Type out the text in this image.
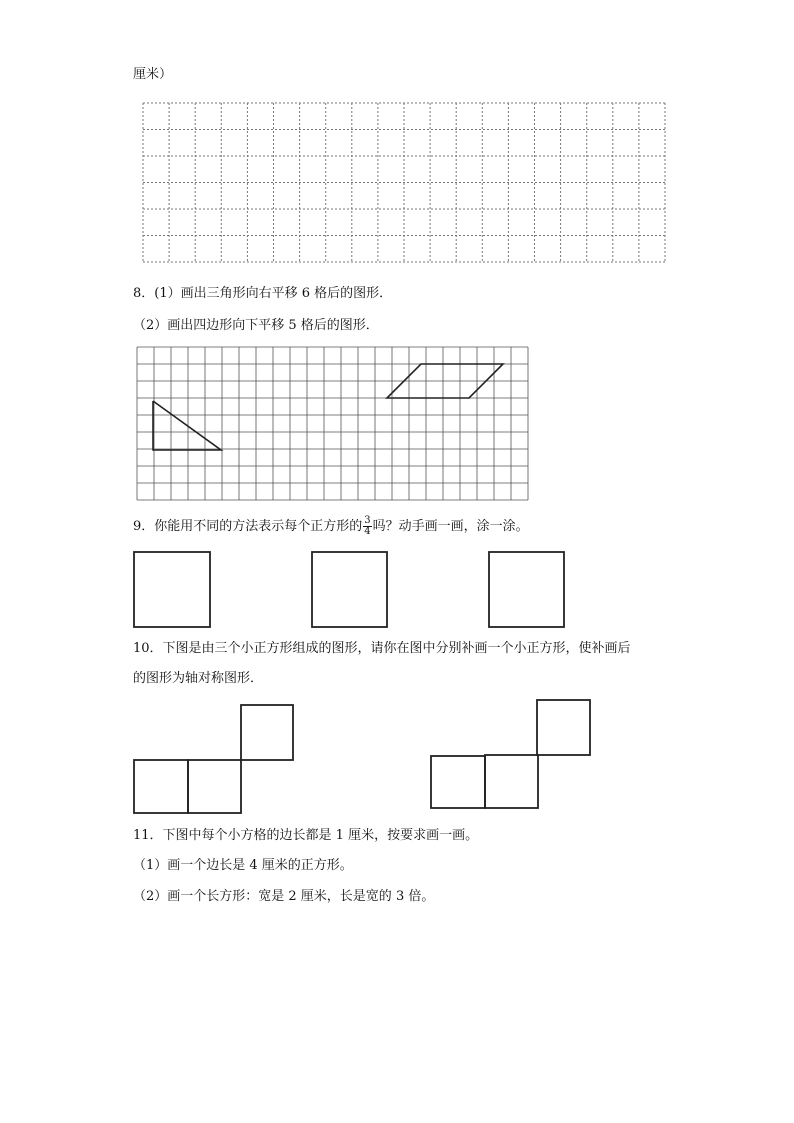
厘米）
8．(1）画出三角形向右平移 6 格后的图形．
（2）画出四边形向下平移 5 格后的图形．
9．你能用不同的方法表示每个正方形的 $\frac{3}{4}$ 吗？动手画一画，涂一涂。
10．下图是由三个小正方形组成的图形，请你在图中分别补画一个小正方形，使补画后
的图形为轴对称图形．
11．下图中每个小方格的边长都是 1 厘米，按要求画一画。
（1）画一个边长是 4 厘米的正方形。
（2）画一个长方形：宽是 2 厘米，长是宽的 3 倍。
